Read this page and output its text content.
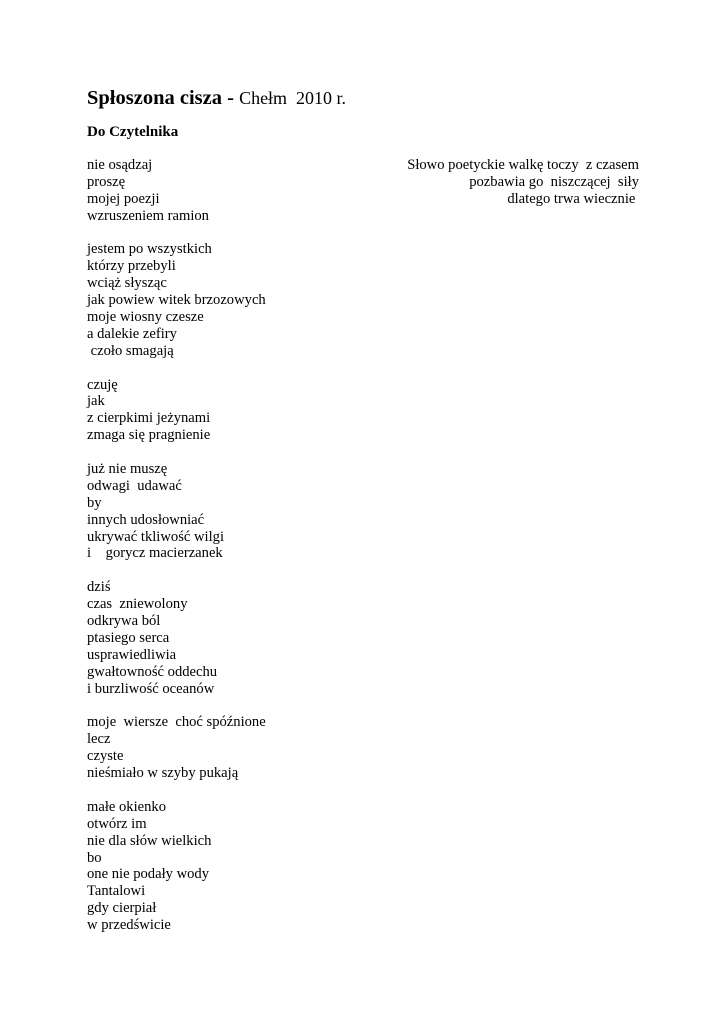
Spłoszona cisza - Chełm  2010 r.
Do Czytelnika
Słowo poetyckie walkę toczy  z czasem
pozbawia go  niszczącej  siły
dlatego trwa wiecznie
nie osądzaj
proszę
mojej poezji
wzruszeniem ramion
jestem po wszystkich
którzy przebyli
wciąż słysząc
jak powiew witek brzozowych
moje wiosny czesze
a dalekie zefiry
czoło smagają
czuję
jak
z cierpkimi jeżynami
zmaga się pragnienie
już nie muszę
odwagi  udawać
by
innych udosłowniać
ukrywać tkliwość wilgi
i    gorycz macierzanek
dziś
czas  zniewolony
odkrywa ból
ptasiego serca
usprawiedliwia
gwałtowność oddechu
i burzliwość oceanów
moje  wiersze  choć spóźnione
lecz
czyste
nieśmiało w szyby pukają
małe okienko
otwórz im
nie dla słów wielkich
bo
one nie podały wody
Tantalowi
gdy cierpiał
w przedświcie
